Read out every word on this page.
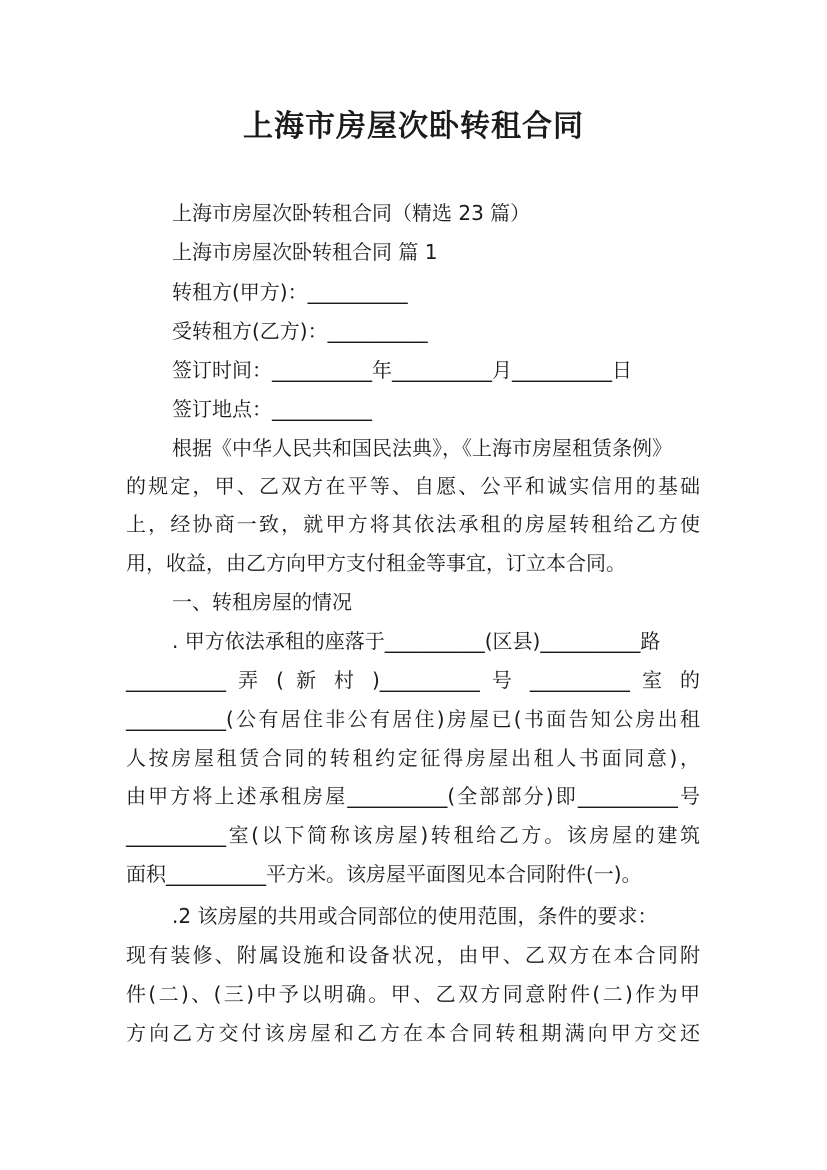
上海市房屋次卧转租合同
上海市房屋次卧转租合同（精选 23 篇）
上海市房屋次卧转租合同 篇 1
转租方(甲方)：__________
受转租方(乙方)：__________
签订时间：__________年__________月__________日
签订地点：__________
根据《中华人民共和国民法典》，《上海市房屋租赁条例》
的规定，甲、乙双方在平等、自愿、公平和诚实信用的基础
上，经协商一致，就甲方将其依法承租的房屋转租给乙方使
用，收益，由乙方向甲方支付租金等事宜，订立本合同。
一、转租房屋的情况
. 甲方依法承租的座落于__________(区县)__________路
__________ 弄 ( 新 村 )__________ 号 __________ 室 的
__________(公有居住非公有居住)房屋已(书面告知公房出租
人按房屋租赁合同的转租约定征得房屋出租人书面同意)，
由甲方将上述承租房屋__________(全部部分)即__________号
__________室(以下简称该房屋)转租给乙方。该房屋的建筑
面积__________平方米。该房屋平面图见本合同附件(一)。
.2 该房屋的共用或合同部位的使用范围，条件的要求：
现有装修、附属设施和设备状况，由甲、乙双方在本合同附
件(二)、(三)中予以明确。甲、乙双方同意附件(二)作为甲
方向乙方交付该房屋和乙方在本合同转租期满向甲方交还
